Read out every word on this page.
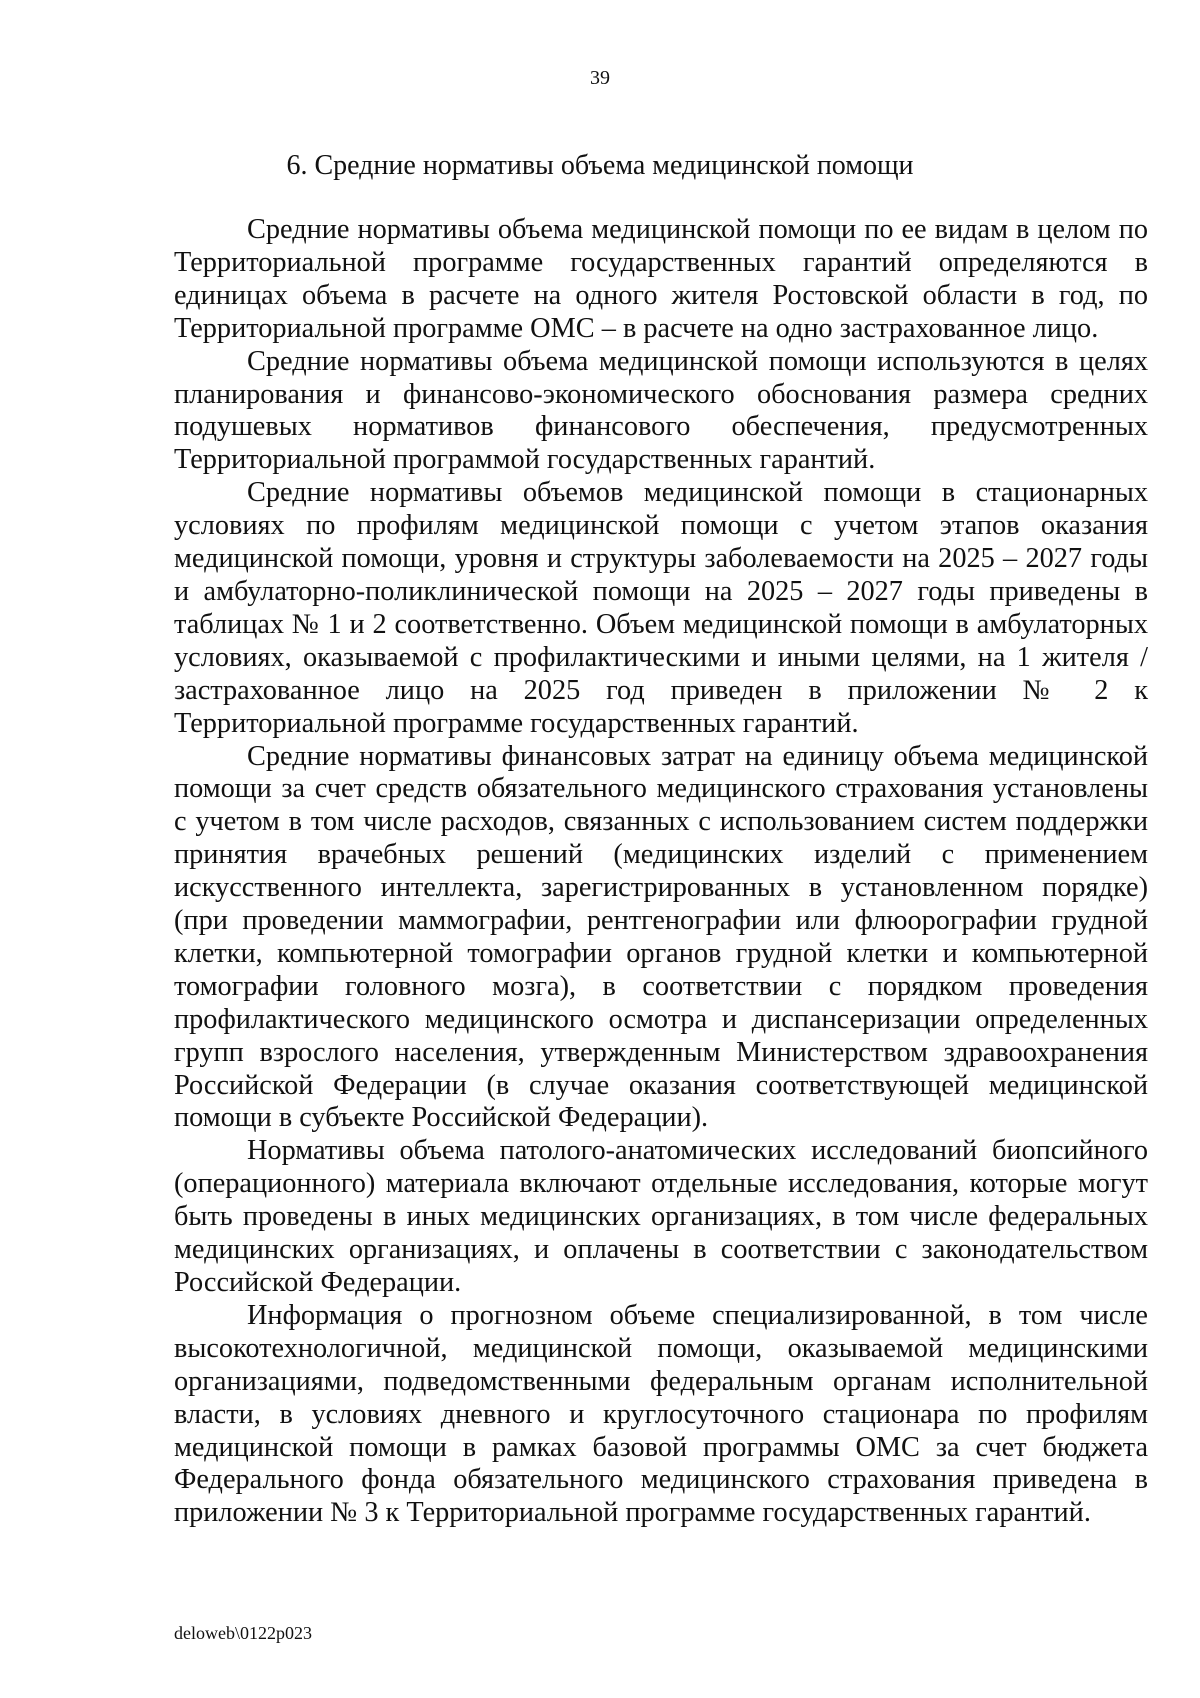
39
6. Средние нормативы объема медицинской помощи

Средние нормативы объема медицинской помощи по ее видам в целом по Территориальной программе государственных гарантий определяются в единицах объема в расчете на одного жителя Ростовской области в год, по Территориальной программе ОМС – в расчете на одно застрахованное лицо.

Средние нормативы объема медицинской помощи используются в целях планирования и финансово-экономического обоснования размера средних подушевых нормативов финансового обеспечения, предусмотренных Территориальной программой государственных гарантий.

Средние нормативы объемов медицинской помощи в стационарных условиях по профилям медицинской помощи с учетом этапов оказания медицинской помощи, уровня и структуры заболеваемости на 2025 – 2027 годы и амбулаторно-поликлинической помощи на 2025 – 2027 годы приведены в таблицах № 1 и 2 соответственно. Объем медицинской помощи в амбулаторных условиях, оказываемой с профилактическими и иными целями, на 1 жителя / застрахованное лицо на 2025 год приведен в приложении № 2 к Территориальной программе государственных гарантий.

Средние нормативы финансовых затрат на единицу объема медицинской помощи за счет средств обязательного медицинского страхования установлены с учетом в том числе расходов, связанных с использованием систем поддержки принятия врачебных решений (медицинских изделий с применением искусственного интеллекта, зарегистрированных в установленном порядке) (при проведении маммографии, рентгенографии или флюорографии грудной клетки, компьютерной томографии органов грудной клетки и компьютерной томографии головного мозга), в соответствии с порядком проведения профилактического медицинского осмотра и диспансеризации определенных групп взрослого населения, утвержденным Министерством здравоохранения Российской Федерации (в случае оказания соответствующей медицинской помощи в субъекте Российской Федерации).

Нормативы объема патолого-анатомических исследований биопсийного (операционного) материала включают отдельные исследования, которые могут быть проведены в иных медицинских организациях, в том числе федеральных медицинских организациях, и оплачены в соответствии с законодательством Российской Федерации.

Информация о прогнозном объеме специализированной, в том числе высокотехнологичной, медицинской помощи, оказываемой медицинскими организациями, подведомственными федеральным органам исполнительной власти, в условиях дневного и круглосуточного стационара по профилям медицинской помощи в рамках базовой программы ОМС за счет бюджета Федерального фонда обязательного медицинского страхования приведена в приложении № 3 к Территориальной программе государственных гарантий.

deloweb\0122p023
